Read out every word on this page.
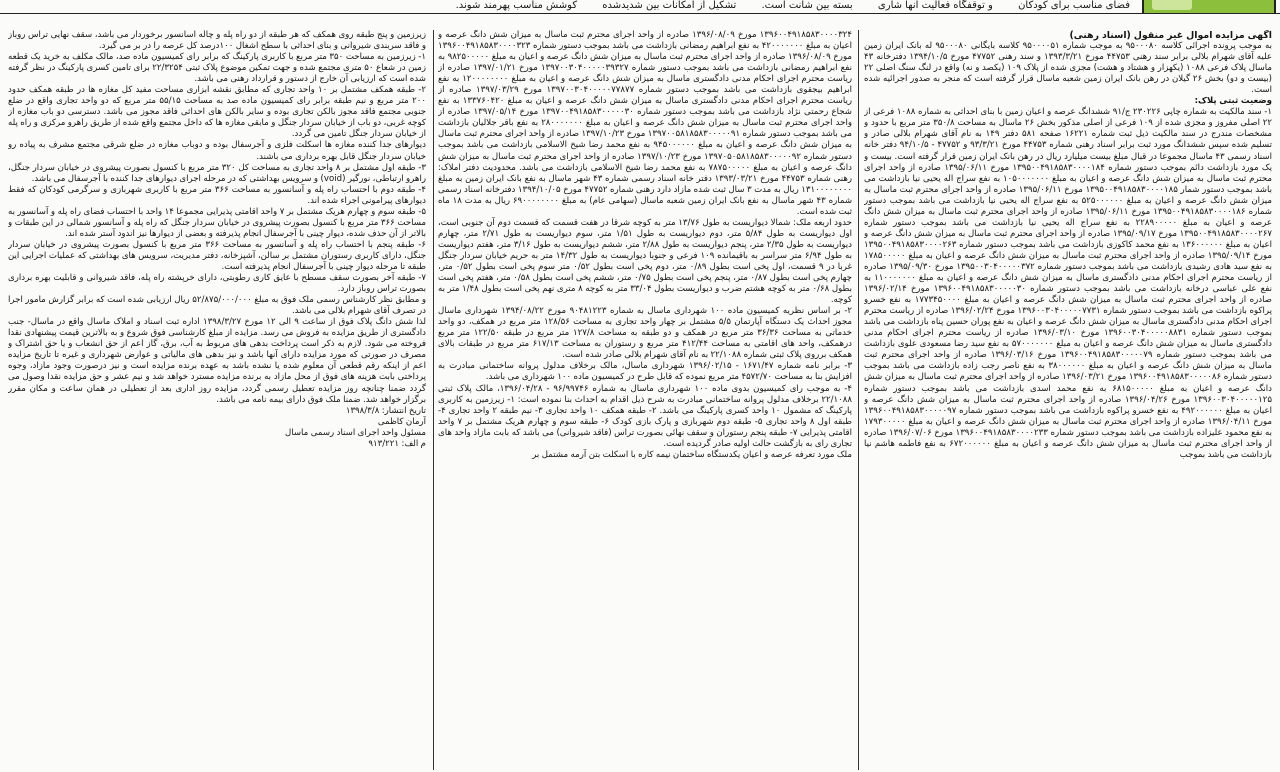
فضای مناسب برای کودکان و توقفگاه فعالیت آنها شاری بسته بین شانت است. تشکیل از امکانات بین شدیدشده کوشش مناسب پهرمند شوند.

آگهی مزایده اموال غیر منقول (اسناد رهنی)

به موجب پرونده اجرائی کلاسه ۹۵۰۰۰۸۰ به موجب شماره ۹۵۰۰۰۰۵۱ کلاسه بایگانی ۹۵۰۰۰۸۰ له بانک ایران زمین علیه آقای شهرام بلالی برابر سند رهنی ۴۴۷۵۳ مورخ ۱۳۹۳/۳/۲۱ و سند رهنی ۴۷۷۵۲ مورخ ۱۳۹۴/۱۰/۵ دفترخانه ۴۳ ماسال پلاک فرعی ۱۰۸۸ (یکهزار و هشتاد و هشت) مجزی شده از پلاک ۱۰۹ (یکصد و نه) واقع در لنگ سنگ اصلی ۲۲ (بیست و دو) بخش ۲۶ گیلان در رهن بانک ایران زمین شعبه ماسال قرار گرفته است که منجر به صدور اجرائیه شده است.

وضعیت ثبتی پلاک:

۱- سند مالکیت به شماره چاپی ۲۳۰۲۲۶ ج/۹۱ ششدانگ عرصه و اعیان زمین با بنای احداثی به شماره ۱۰۸۸ فرعی از ۲۲ اصلی مفروز و مجزی شده از ۱۰۹ فرعی از اصلی مذکور بخش ۲۶ ماسال به مساحت ۳۵۰/۸ متر مربع با حدود و مشخصات مندرج در سند مالکیت ذیل ثبت شماره ۱۶۲۲۱ صفحه ۵۸۱ دفتر ۱۴۹ به نام آقای شهرام بلالی صادر و تسلیم شده سپس ششدانگ مورد ثبت برابر اسناد رهنی شماره ۴۴۷۵۳ مورخ ۹۳/۳/۲۱ و ۴۷۷۵۲ - ۹۴/۱۰/۵ دفتر خانه اسناد رسمی ۴۳ ماسال مجموعا در قبال مبلغ بیست میلیارد ریال در رهن بانک ایران زمین قرار گرفته است. بیست و یک مورد بازداشت دائم بموجب دستور شماره ۱۳۹۵۰۰۴۹۱۸۵۸۳۰۰۰۰۱۸۴ مورخ ۱۳۹۵/۰۶/۱۱ صادره از واحد اجرای محترم ثبت ماسال به میزان شش دانگ عرصه و اعیان به مبلغ ۱۰۵۰۰۰۰۰۰۰ به نفع سراج اله یحیی نیا بازداشت می باشد بموجب دستور شمار ۱۳۹۵۰۰۴۹۱۸۵۸۳۰۰۰۰۱۸۵ مورخ ۱۳۹۵/۰۶/۱۱ صادره از واحد اجرای محترم ثبت ماسال به میزان شش دانگ عرصه و اعیان به مبلغ ۵۲۵۰۰۰۰۰۰ به نفع سراج اله یحیی نیا بازداشت می باشد بموجب دستور شماره ۱۳۹۵۰۰۴۹۱۸۵۸۳۰۰۰۰۱۸۶ مورخ ۱۳۹۵/۰۶/۱۱ صادره از واحد اجرای محترم ثبت ماسال به میزان شش دانگ عرصه و اعیان به مبلغ ۲۲۸۹۰۰۰۰۰ به نفع سراج اله یحیی نیا بازداشت می باشد بموجب دستور شماره ۱۳۹۵۰۰۴۹۱۸۵۸۳۰۰۰۰۲۶۷ مورخ ۱۳۹۵/۰۹/۱۷ صادره از واحد اجرای محترم ثبت ماسال به میزان شش دانگ عرصه و اعیان به مبلغ ۱۳۶۰۰۰۰۰۰ به نفع محمد کاکوزی بازداشت می باشد بموجب دستور شماره ۱۳۹۵۰۰۴۹۱۸۵۸۳۰۰۰۰۲۶۳ مورخ ۱۳۹۵/۰۹/۱۴ صادره از واحد اجرای محترم ثبت ماسال به میزان شش دانگ عرصه و اعیان به مبلغ ۱۷۸۵۰۰۰۰۰ به نفع سید هادی رشیدی بازداشت می باشد بموجب دستور شماره ۱۳۹۵۰۰۳۰۴۰۰۰۰۰۳۷۲ مورخ ۱۳۹۵/۰۹/۳۰ صادره از ریاست محترم اجرای احکام مدنی دادگستری ماسال به میزان شش دانگ عرصه و اعیان به مبلغ ۱۱۰۰۰۰۰۰۰ به نفع علی عباسی درخانه بازداشت می باشد بموجب دستور شماره ۱۳۹۶۰۰۴۹۱۸۵۸۳۰۰۰۰۰۳۰ مورخ ۱۳۹۶/۰۲/۱۴ صادره از واحد اجرای محترم ثبت ماسال به میزان شش دانگ عرصه و اعیان به مبلغ ۱۷۷۳۴۵۰۰۰۰ به نفع خسرو پراکوه بازداشت می باشد بموجب دستور شماره ۱۳۹۶۰۰۳۰۴۰۰۰۰۰۷۷۳۱ مورخ ۱۳۹۶/۰۲/۲۴ صادره از ریاست محترم اجرای احکام مدنی دادگستری ماسال به میزان شش دانگ عرصه و اعیان به نفع پوران حسین پناه بازداشت می باشد بموجب دستور شماره ۱۳۹۶۰۰۳۰۴۰۰۰۰۰۸۸۳۱ مورخ ۱۳۹۶/۰۳/۱۰ صادره از ریاست محترم اجرای احکام مدنی دادگستری ماسال به میزان شش دانگ عرصه و اعیان به مبلغ ۵۷۰۰۰۰۰۰۰ به نفع سید رضا مسعودی علوی بازداشت می باشد بموجب دستور شماره ۱۳۹۶۰۰۴۹۱۸۵۸۳۰۰۰۰۰۷۹ مورخ ۱۳۹۶/۰۳/۱۶ صادره از واحد اجرای محترم ثبت ماسال به میزان شش دانگ عرصه و اعیان به مبلغ ۳۸۰۰۰۰۰۰ به نفع ناصر رجب زاده بازداشت می باشد بموجب دستور شماره ۱۳۹۶۰۰۴۹۱۸۵۸۳۰۰۰۰۰۸۶ مورخ ۱۳۹۶/۰۳/۲۱ صادره از واحد اجرای محترم ثبت ماسال به میزان شش دانگ عرصه و اعیان به مبلغ ۶۸۱۵۰۰۰۰۰ به نفع محمد اسدی بازداشت می باشد بموجب دستور شماره ۱۳۹۶۰۰۳۰۴۰۰۰۰۰۱۲۵ مورخ ۱۳۹۶/۰۴/۲۶ صادره از واحد اجرای محترم ثبت ماسال به میزان شش دانگ عرصه و اعیان به مبلغ ۴۹۲۰۰۰۰۰۰ به نفع خسرو پراکوه بازداشت می باشد بموجب دستور شماره ۱۳۹۶۰۰۴۹۱۸۵۸۳۰۰۰۰۰۹۷ مورخ ۱۳۹۶/۰۴/۱۱ صادره از واحد اجرای محترم ثبت ماسال به میزان شش دانگ عرصه و اعیان به مبلغ ۱۷۹۳۰۰۰۰۰ به نفع محمود علیزاده بازداشت می باشد بموجب دستور شماره ۱۳۹۶۰۰۴۹۱۸۵۸۳۰۰۰۰۲۳۳ مورخ ۱۳۹۶/۰۷/۰۶ صادره از واحد اجرای محترم ثبت ماسال به میزان شش دانگ عرصه و اعیان به مبلغ ۶۷۲۰۰۰۰۰۰ به نفع فاطمه هاشم نیا بازداشت می باشد بموجب

۱۳۹۶۰۰۴۹۱۸۵۸۳۰۰۰۰۳۲۴ مورخ ۱۳۹۶/۰۸/۰۹ صادره از واحد اجرای محترم ثبت ماسال به میزان شش دانگ عرصه و اعیان به مبلغ ۴۲۰۰۰۰۰۰۰ به نفع ابراهیم رمضانی بازداشت می باشد بموجب دستور شماره ۱۳۹۶۰۰۴۹۱۸۵۸۳۰۰۰۰۳۲۳ مورخ ۱۳۹۶/۰۸/۰۹ صادره از واحد اجرای محترم ثبت ماسال به میزان شش دانگ عرصه و اعیان به مبلغ ۹۸۲۵۰۰۰۰۰ به نفع ابراهیم رمضانی بازداشت می باشد بموجب دستور شماره ۱۳۹۷۰۰۳۰۴۰۰۰۰۰۳۹۳۲۷ مورخ ۱۳۹۷/۰۱/۲۱ صادره از ریاست محترم اجرای احکام مدنی دادگستری ماسال به میزان شش دانگ عرصه و اعیان به مبلغ ۱۲۰۰۰۰۰۰۰۰ به نفع ابراهیم بیجقوی بازداشت می باشد بموجب دستور شماره ۱۳۹۷۰۰۳۰۴۰۰۰۰۰۷۷۸۷۷ مورخ ۱۳۹۷/۰۳/۲۹ صادره از ریاست محترم اجرای احکام مدنی دادگستری ماسال به میزان شش دانگ عرصه و اعیان به مبلغ ۱۳۳۷۶۰۴۲۰ به نفع شجاع رحمتی نژاد بازداشت می باشد بموجب دستور شماره ۱۳۹۷۰۰۴۹۱۸۵۸۳۰۰۰۰۰۳۰ مورخ ۱۳۹۷/۰۵/۱۴ صادره از واحد اجرای محترم ثبت ماسال به میزان شش دانگ عرصه و اعیان به مبلغ ۲۸۰۰۰۰۰۰۰ به نفع باقر جلالیان بازداشت می باشد بموجب دستور شماره ۱۳۹۷۰۰۵۸۱۸۵۸۳۰۰۰۰۰۹۱ مورخ ۱۳۹۷/۱۰/۲۳ صادره از واحد اجرای محترم ثبت ماسال به میزان شش دانگ عرصه و اعیان به مبلغ ۹۴۵۰۰۰۰۰۰ به نفع محمد رضا شیخ الاسلامی بازداشت می باشد بموجب دستور شماره ۱۳۹۷۰۵۰۵۸۱۸۵۸۳۰۰۰۰۰۹۲ مورخ ۱۳۹۷/۱۰/۲۳ صادره از واحد اجرای محترم ثبت ماسال به میزان شش دانگ عرصه و اعیان به مبلغ ۷۸۷۵۰۰۰۰۰ به نفع محمد رضا شیخ الاسلامی بازداشت می باشد. محدودیت دفتر املاک: رهنی شماره ۴۴۷۵۳ مورخ ۱۳۹۳/۰۳/۲۱ دفتر خانه اسناد رسمی شماره ۴۳ شهر ماسال به نفع بانک ایران زمین به مبلغ ۱۳۱۰۰۰۰۰۰۰۰ ریال به مدت ۳ سال ثبت شده مازاد دارد رهنی شماره ۴۷۷۵۲ مورخ ۱۳۹۴/۱۰/۰۵ دفترخانه اسناد رسمی شماره ۴۳ شهر ماسال به نفع بانک ایران زمین شعبه ماسال (سهامی عام) به مبلغ ۶۹۰۰۰۰۰۰۰۰ ریال به مدت ۱۸ ماه ثبت شده است.

حدود اربعه ملک: شمالا دیواریست به طول ۱۳/۷۶ متر به کوچه شرقا در هفت قسمت که قسمت دوم آن جنوبی است، اول دیواریست به طول ۵/۸۴ متر، دوم دیواریست به طول ۱/۵۱ متر، سوم دیواریست به طول ۲/۷۱ متر، چهارم دیواریست به طول ۲/۳۵ متر، پنجم دیواریست به طول ۲/۸۸ متر، ششم دیواریست به طول ۳/۱۶ متر، هفتم دیواریست به طول ۶/۹۴ متر سراسر به باقیمانده ۱۰۹ فرعی و جنوبا دیواریست به طول ۱۴/۳۲ متر به حریم خیابان سردار جنگل غربا در ۹ قسمت، اول پخی است بطول ۰/۸۹ متر، دوم پخی است بطول ۰/۵۲ متر سوم پخی است بطول ۰/۵۲ متر، چهارم پخی است بطول ۰/۸۷ متر، پنجم پخی است بطول ۰/۷۵ متر، ششم پخی است بطول ۰/۵۸ متر، هفتم پخی است بطول ۰/۶۸ متر به کوچه هشتم ضرب و دیواریست بطول ۳۳/۰۴ متر به کوچه ۸ متری نهم پخی است بطول ۱/۴۸ متر به کوچه.

۲- بر اساس نظریه کمیسیون ماده ۱۰۰ شهرداری ماسال به شماره ۹۰۴۸۱۲۲۳ مورخ ۱۳۹۴/۰۸/۲۲ شهرداری ماسال مجوز احداث یک دستگاه آپارتمان ۵/۵ مشتمل بر چهار واحد تجاری به مساحت ۱۲۸/۵۶ متر مربع در همکف، دو واحد خدماتی به مساحت ۳۶/۳۶ متر مربع در همکف و دو طبقه به مساحت ۱۲۷/۸ متر مربع در طبقه ۱۲۲/۵۰ متر مربع درهمکف، واحد های اقامتی به مساحت ۴۱۲/۴۴ متر مربع و رستوران به مساحت ۶۱۷/۱۳ متر مربع در طبقات بالای همکف برروی پلاک ثبتی شماره ۲۲/۱۰۸۸ به نام آقای شهرام بلالی صادر شده است.

۳- برابر نامه شماره ۱۶۷۱/۴۷ - ۱۳۹۶/۰۲/۱۵ شهرداری ماسال، مالک برخلاف مدلول پروانه ساختمانی مبادرت به افزایش بنا به مساحت ۴۵۷۲/۷۰ متر مربع نموده که قابل طرح در کمیسیون ماده ۱۰۰ شهرداری می باشد.

۴- به موجب رای کمیسیون بدوی ماده ۱۰۰ شهرداری ماسال به شماره ۹۶/۹۹۷۴۶ - ۱۳۹۶/۰۴/۲۸، مالک پلاک ثبتی ۲۲/۱۰۸۸ برخلاف مدلول پروانه ساختمانی مبادرت به شرح ذیل اقدام به احداث بنا نموده است: ۱- زیرزمین به کاربری پارکینگ که مشمول ۱۰ واحد کسری پارکینگ می باشد. ۲- طبقه همکف ۱۰ واحد تجاری ۳- نیم طبقه ۲ واحد تجاری ۴- طبقه اول ۸ واحد تجاری ۵- طبقه دوم شهربازی و پارک بازی کودک ۶- طبقه سوم و چهارم هریک مشتمل بر ۷ واحد اقامتی پذیرایی ۷- طبقه پنجم رستوران و سقف نهائی بصورت تراس (فاقد شیروانی) می باشد که بابت مازاد واحد های تجاری رای به بازگشت حالت اولیه صادر گردیده است.

ملک مورد تعرفه عرصه و اعیان یکدستگاه ساختمان نیمه کاره با اسکلت بتن آرمه مشتمل بر

زیرزمین و پنج طبقه روی همکف که هر طبقه از دو راه پله و چاله آسانسور برخوردار می باشد، سقف نهایی تراس روباز و فاقد سربندی شیروانی و بنای احداثی با سطح اشغال ۱۰۰درصد کل عرصه را در بر می گیرد.

۱- زیرزمین به مساحت ۳۵۰ متر مربع با کاربری پارکینگ که برابر رای کمیسیون ماده صد، مالک مکلف به خرید یک قطعه زمین در شعاع ۵۰ متری مجتمع شده و جهت تمکین موضوع پلاک ثبتی ۲۲/۳۲۵۴ برای تامین کسری پارکینگ در نظر گرفته شده است که ارزیابی آن خارج از دستور و قرارداد رهنی می باشد.

۲- طبقه همکف مشتمل بر ۱۰ واحد تجاری که مطابق نقشه ابزاری مساحت مفید کل مغازه ها در طبقه همکف حدود ۲۰۰ متر مربع و نیم طبقه برابر رای کمیسیون ماده صد به مساحت ۵۵/۱۵ متر مربع که دو واحد تجاری واقع در ضلع جنوبی مجتمع فاقد مجوز بالکن تجاری بوده و سایر بالکن های احداثی فاقد مجوز می باشد. دسترسی دو باب مغازه از کوچه غربی، دو باب از خیابان سردار جنگل و مابقی مغازه ها که داخل مجتمع واقع شده از طریق راهرو مرکزی و راه پله از خیابان سردار جنگل تامین می گردد.

دیوارهای جدا کننده مغازه ها اسکلت فلزی و آجرسفال بوده و دوباب مغازه در ضلع شرقی مجتمع مشرف به پیاده رو خیابان سردار جنگل قابل بهره برداری می باشند.

۳- طبقه اول مشتمل بر ۸ واحد تجاری به مساحت کل ۳۲۰ متر مربع با کنسول بصورت پیشروی در خیابان سردار جنگل، راهرو ارتباطی، نورگیر (void) و سرویس بهداشتی که در مرحله اجرای دیوارهای جدا کننده با آجرسفال می باشد.

۴- طبقه دوم با احتساب راه پله و آسانسور به مساحت ۳۶۶ متر مربع با کاربری شهربازی و سرگرمی کودکان که فقط دیوارهای پیرامونی اجراء شده اند.

۵- طبقه سوم و چهارم هریک مشتمل بر ۷ واحد اقامتی پذیرایی مجموعا ۱۴ واحد با احتساب فضای راه پله و آسانسور به مساحت ۳۶۶ متر مربع با کنسول بصورت پیشروی در خیابان سردار جنگل که راه پله و آسانسور شمالی در این طبقات و بالاتر از آن حذف شده، دیوار چینی با آجرسفال انجام پذیرفته و بعضی از دیوارها نیز اندود آستر شده اند.

۶- طبقه پنجم با احتساب راه پله و آسانسور به مساحت ۳۶۶ متر مربع با کنسول بصورت پیشروی در خیابان سردار جنگل، دارای کاربری رستوران مشتمل بر سالن، آشپزخانه، دفتر مدیریت، سرویس های بهداشتی که عملیات اجرایی این طبقه تا مرحله دیوار چینی با آجرسفال انجام پذیرفته است.

۷- طبقه آخر بصورت سقف مسطح با عایق کاری رطوبتی، دارای خرپشته راه پله، فاقد شیروانی و قابلیت بهره برداری بصورت تراس روباز دارد.

و مطابق نظر کارشناس رسمی ملک فوق به مبلغ ۵۲/۸۷۵/۰۰۰/۰۰۰ ریال ارزیابی شده است که برابر گزارش مامور اجرا در تصرف آقای شهرام بلالی می باشد.

لذا شش دانگ پلاک فوق از ساعت ۹ الی ۱۲ مورخ ۱۳۹۸/۳/۲۷ اداره ثبت اسناد و املاک ماسال واقع در ماسال- جنب دادگستری از طریق مزایده به فروش می رسد. مزایده از مبلغ کارشناسی فوق شروع و به بالاترین قیمت پیشنهادی نقدا فروخته می شود. لازم به ذکر است پرداخت بدهی های مربوط به آب، برق، گاز اعم از حق انشعاب و یا حق اشتراک و مصرف در صورتی که مورد مزایده دارای آنها باشد و نیز بدهی های مالیاتی و عوارض شهرداری و غیره تا تاریخ مزایده اعم از اینکه رقم قطعی آن معلوم شده یا نشده باشد به عهده برنده مزایده است و نیز درصورت وجود مازاد، وجوه پرداختی بابت هزینه های فوق از محل مازاد به برنده مزایده مسترد خواهد شد و نیم عشر و حق مزایده نقدا وصول می گردد ضمنا چنانچه روز مزایده تعطیل رسمی گردد، مزایده روز اداری بعد از تعطیلی در همان ساعت و مکان مقرر برگزار خواهد شد. ضمنا ملک فوق دارای بیمه نامه می باشد.

تاریخ انتشار: ۱۳۹۸/۳/۸

آرمان کاظمی

مسئول واحد اجرای اسناد رسمی ماسال

م الف: ۹۱۳/۲۲۱
